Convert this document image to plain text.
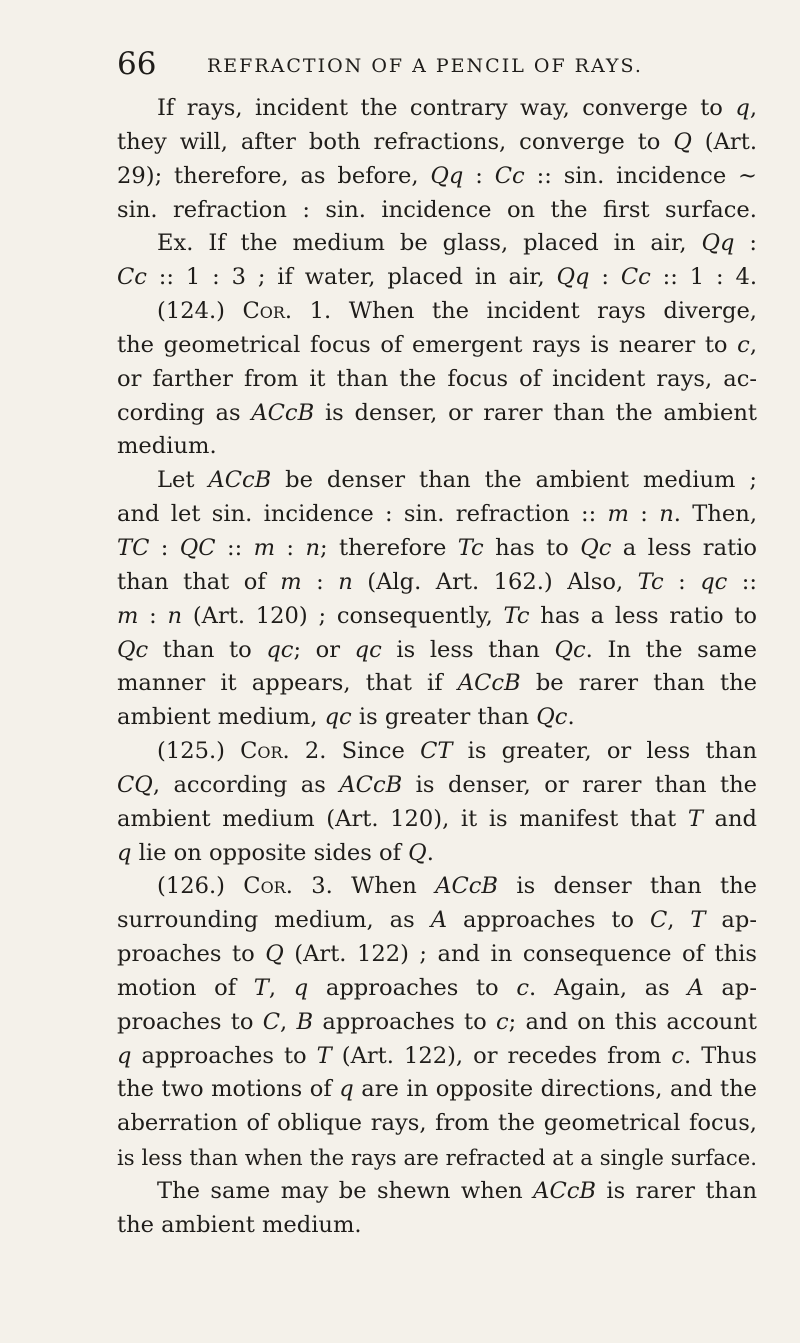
66	REFRACTION OF A PENCIL OF RAYS.
If rays, incident the contrary way, converge to q,
they will, after both refractions, converge to Q (Art.
29); therefore, as before, Qq : Cc :: sin. incidence ~
sin. refraction : sin. incidence on the first surface.
Ex. If the medium be glass, placed in air, Qq :
Cc :: 1 : 3 ; if water, placed in air, Qq : Cc :: 1 : 4.
(124.) Cor. 1. When the incident rays diverge,
the geometrical focus of emergent rays is nearer to c,
or farther from it than the focus of incident rays, ac-
cording as ACcB is denser, or rarer than the ambient
medium.
Let ACcB be denser than the ambient medium ;
and let sin. incidence : sin. refraction :: m : n. Then,
TC : QC :: m : n; therefore Tc has to Qc a less ratio
than that of m : n (Alg. Art. 162.) Also, Tc : qc ::
m : n (Art. 120) ; consequently, Tc has a less ratio to
Qc than to qc; or qc is less than Qc. In the same
manner it appears, that if ACcB be rarer than the
ambient medium, qc is greater than Qc.
(125.) Cor. 2. Since CT is greater, or less than
CQ, according as ACcB is denser, or rarer than the
ambient medium (Art. 120), it is manifest that T and
q lie on opposite sides of Q.
(126.) Cor. 3. When ACcB is denser than the
surrounding medium, as A approaches to C, T ap-
proaches to Q (Art. 122) ; and in consequence of this
motion of T, q approaches to c. Again, as A ap-
proaches to C, B approaches to c; and on this account
q approaches to T (Art. 122), or recedes from c. Thus
the two motions of q are in opposite directions, and the
aberration of oblique rays, from the geometrical focus,
is less than when the rays are refracted at a single surface.
The same may be shewn when ACcB is rarer than
the ambient medium.
